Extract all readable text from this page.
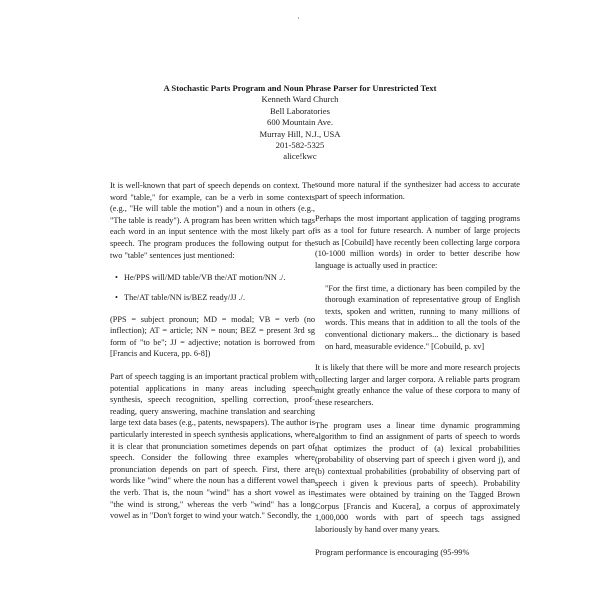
·
A Stochastic Parts Program and Noun Phrase Parser for Unrestricted Text
Kenneth Ward Church
Bell Laboratories
600 Mountain Ave.
Murray Hill, N.J., USA
201-582-5325
alice!kwc

It is well-known that part of speech depends on context. The word "table," for example, can be a verb in some contexts (e.g., "He will table the motion") and a noun in others (e.g., "The table is ready"). A program has been written which tags each word in an input sentence with the most likely part of speech. The program produces the following output for the two "table" sentences just mentioned:

• He/PPS will/MD table/VB the/AT motion/NN ./.
• The/AT table/NN is/BEZ ready/JJ ./.

(PPS = subject pronoun; MD = modal; VB = verb (no inflection); AT = article; NN = noun; BEZ = present 3rd sg form of "to be"; JJ = adjective; notation is borrowed from [Francis and Kucera, pp. 6-8])

Part of speech tagging is an important practical problem with potential applications in many areas including speech synthesis, speech recognition, spelling correction, proof-reading, query answering, machine translation and searching large text data bases (e.g., patents, newspapers). The author is particularly interested in speech synthesis applications, where it is clear that pronunciation sometimes depends on part of speech. Consider the following three examples where pronunciation depends on part of speech. First, there are words like "wind" where the noun has a different vowel than the verb. That is, the noun "wind" has a short vowel as in "the wind is strong," whereas the verb "wind" has a long vowel as in "Don't forget to wind your watch." Secondly, the

sound more natural if the synthesizer had access to accurate part of speech information.

Perhaps the most important application of tagging programs is as a tool for future research. A number of large projects such as [Cobuild] have recently been collecting large corpora (10-1000 million words) in order to better describe how language is actually used in practice:

"For the first time, a dictionary has been compiled by the thorough examination of representative group of English texts, spoken and written, running to many millions of words. This means that in addition to all the tools of the conventional dictionary makers... the dictionary is based on hard, measurable evidence." [Cobuild, p. xv]

It is likely that there will be more and more research projects collecting larger and larger corpora. A reliable parts program might greatly enhance the value of these corpora to many of these researchers.

The program uses a linear time dynamic programming algorithm to find an assignment of parts of speech to words that optimizes the product of (a) lexical probabilities (probability of observing part of speech i given word j), and (b) contextual probabilities (probability of observing part of speech i given k previous parts of speech). Probability estimates were obtained by training on the Tagged Brown Corpus [Francis and Kucera], a corpus of approximately 1,000,000 words with part of speech tags assigned laboriously by hand over many years.

Program performance is encouraging (95-99%
